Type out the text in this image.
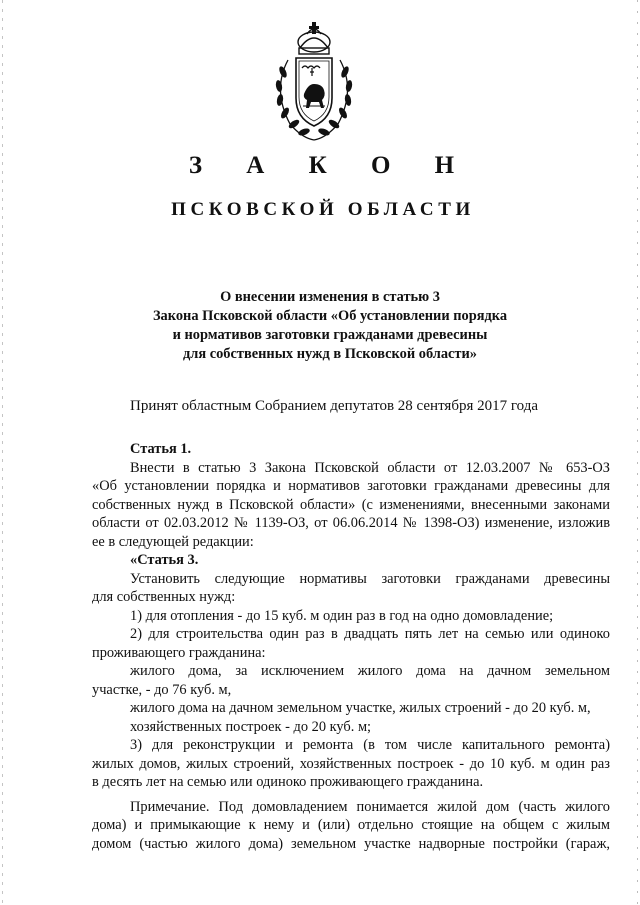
З А К О Н
ПСКОВСКОЙ ОБЛАСТИ
О внесении изменения в статью 3
Закона Псковской области «Об установлении порядка
и нормативов заготовки гражданами древесины
для собственных нужд в Псковской области»
Принят областным Собранием депутатов 28 сентября 2017 года
Статья 1.
Внести в статью 3 Закона Псковской области от 12.03.2007 № 653-ОЗ
«Об установлении порядка и нормативов заготовки гражданами древесины для
собственных нужд в Псковской области» (с изменениями, внесенными законами
области от 02.03.2012 № 1139-ОЗ, от 06.06.2014 № 1398-ОЗ) изменение, изложив
ее в следующей редакции:
«Статья 3.
Установить следующие нормативы заготовки гражданами древесины
для собственных нужд:
1) для отопления - до 15 куб. м один раз в год на одно домовладение;
2) для строительства один раз в двадцать пять лет на семью или одиноко
проживающего гражданина:
жилого дома, за исключением жилого дома на дачном земельном
участке, - до 76 куб. м,
жилого дома на дачном земельном участке, жилых строений - до 20 куб. м,
хозяйственных построек - до 20 куб. м;
3) для реконструкции и ремонта (в том числе капитального ремонта)
жилых домов, жилых строений, хозяйственных построек - до 10 куб. м один раз
в десять лет на семью или одиноко проживающего гражданина.
Примечание. Под домовладением понимается жилой дом (часть жилого
дома) и примыкающие к нему и (или) отдельно стоящие на общем с жилым
домом (частью жилого дома) земельном участке надворные постройки (гараж,
